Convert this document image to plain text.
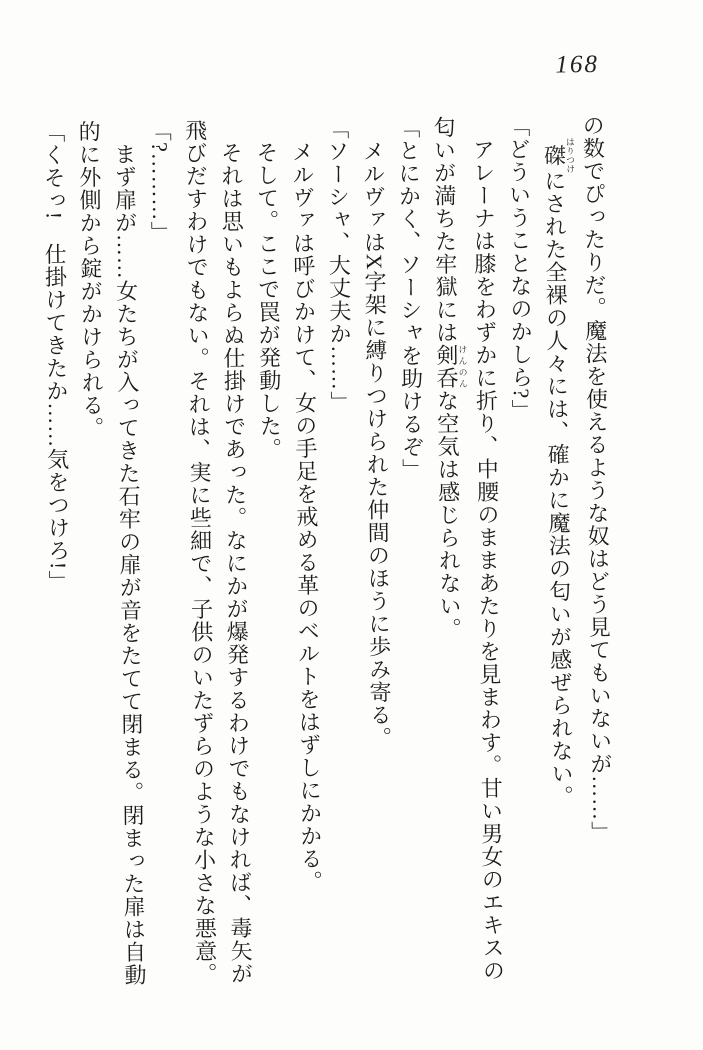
168

の数でぴったりだ。魔法を使えるような奴はどう見てもいないが……」

磔はりつけにされた全裸の人々には、確かに魔法の匂いが感ぜられない。

「どういうことなのかしら?」

アレーナは膝をわずかに折り、中腰のままあたりを見まわす。甘い男女のエキスの

匂いが満ちた牢獄には剣呑けんのんな空気は感じられない。

「とにかく、ソーシャを助けるぞ」

メルヴァはX字架に縛りつけられた仲間のほうに歩み寄る。

「ソーシャ、大丈夫か……」

メルヴァは呼びかけて、女の手足を戒める革のベルトをはずしにかかる。

そして。ここで罠が発動した。

それは思いもよらぬ仕掛けであった。なにかが爆発するわけでもなければ、毒矢が

飛びだすわけでもない。それは、実に些細で、子供のいたずらのような小さな悪意。

「?………」

まず扉が……女たちが入ってきた石牢の扉が音をたてて閉まる。閉まった扉は自動

的に外側から錠がかけられる。

「くそっ!　仕掛けてきたか……気をつけろ!」
